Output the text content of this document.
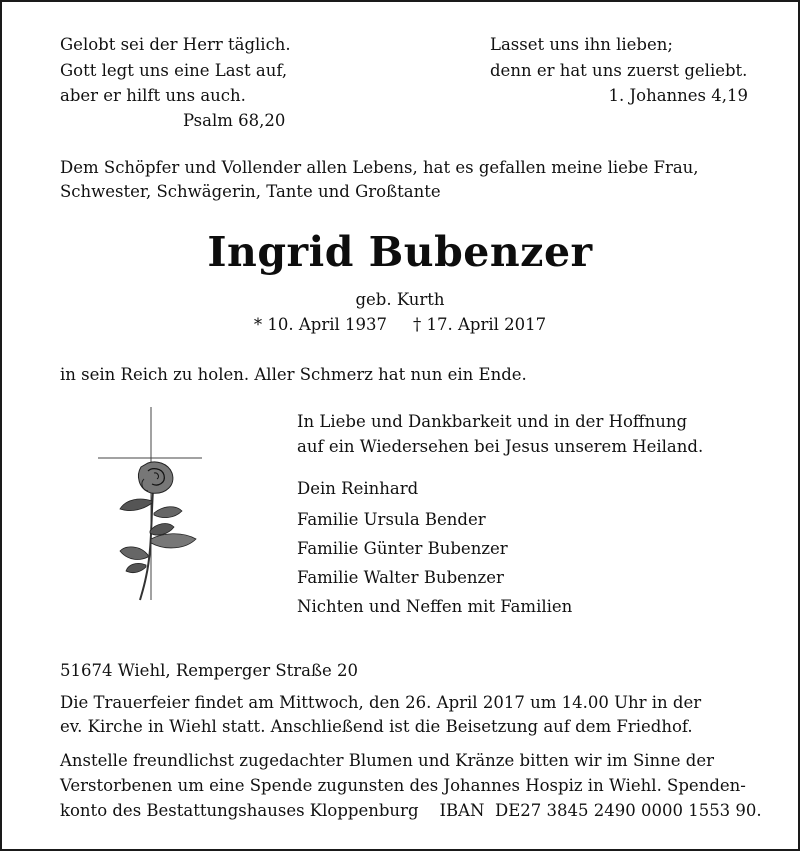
Gelobt sei der Herr täglich.
Gott legt uns eine Last auf,
aber er hilft uns auch.
Psalm 68,20
Lasset uns ihn lieben;
denn er hat uns zuerst geliebt.
1. Johannes 4,19
Dem Schöpfer und Vollender allen Lebens, hat es gefallen meine liebe Frau,
Schwester, Schwägerin, Tante und Großtante
Ingrid Bubenzer
geb. Kurth
* 10. April 1937 † 17. April 2017
in sein Reich zu holen. Aller Schmerz hat nun ein Ende.
In Liebe und Dankbarkeit und in der Hoffnung
auf ein Wiedersehen bei Jesus unserem Heiland.
Dein Reinhard
Familie Ursula Bender
Familie Günter Bubenzer
Familie Walter Bubenzer
Nichten und Neffen mit Familien
51674 Wiehl, Remperger Straße 20
Die Trauerfeier findet am Mittwoch, den 26. April 2017 um 14.00 Uhr in der
ev. Kirche in Wiehl statt. Anschließend ist die Beisetzung auf dem Friedhof.
Anstelle freundlichst zugedachter Blumen und Kränze bitten wir im Sinne der
Verstorbenen um eine Spende zugunsten des Johannes Hospiz in Wiehl. Spenden-
konto des Bestattungshauses Kloppenburg    IBAN  DE27 3845 2490 0000 1553 90.
